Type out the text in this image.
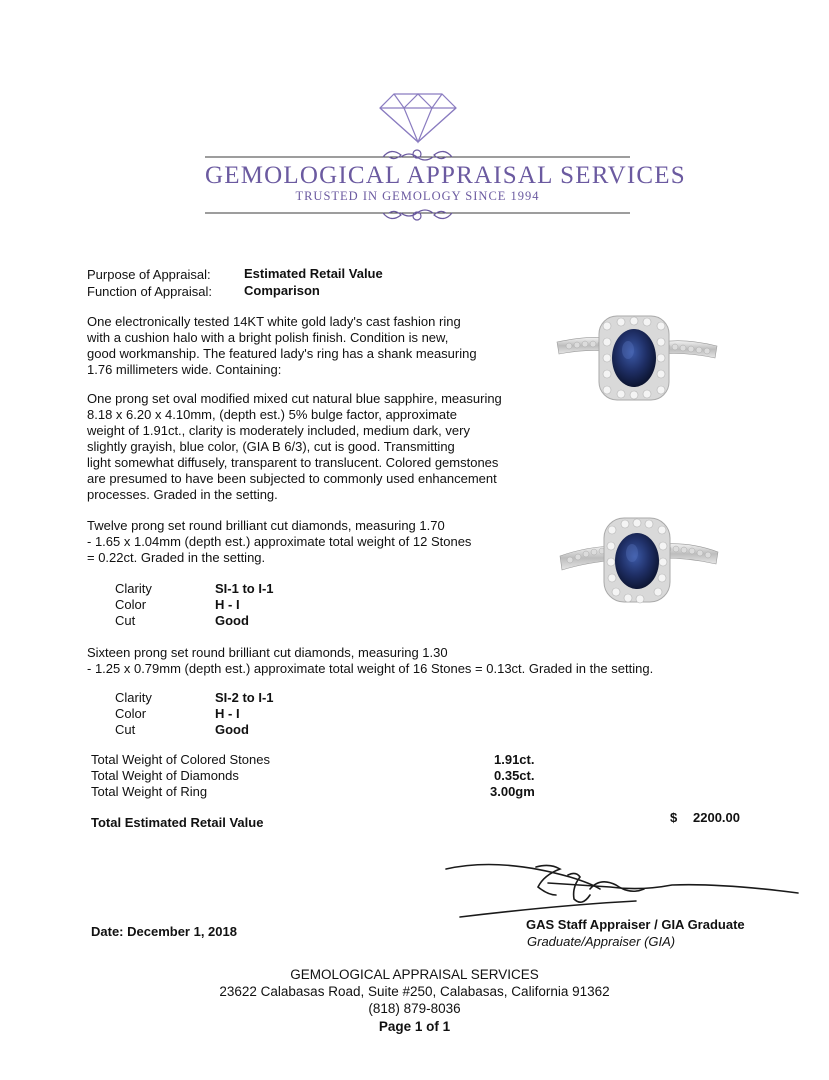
GEMOLOGICAL APPRAISAL SERVICES
TRUSTED IN GEMOLOGY SINCE 1994
Purpose of Appraisal:	Estimated Retail Value
Function of Appraisal: Comparison
One electronically tested 14KT white gold lady's cast fashion ring
with a cushion halo with a bright polish finish. Condition is new,
good workmanship. The featured lady's ring has a shank measuring
1.76 millimeters wide. Containing:
One prong set oval modified mixed cut natural blue sapphire, measuring
8.18 x 6.20 x 4.10mm, (depth est.) 5% bulge factor, approximate
weight of 1.91ct., clarity is moderately included, medium dark, very
slightly grayish, blue color, (GIA B 6/3), cut is good. Transmitting
light somewhat diffusely, transparent to translucent. Colored gemstones
are presumed to have been subjected to commonly used enhancement
processes. Graded in the setting.
Twelve prong set round brilliant cut diamonds, measuring 1.70
- 1.65 x 1.04mm (depth est.) approximate total weight of 12 Stones
= 0.22ct. Graded in the setting.
Clarity	SI-1 to I-1
Color	H - I
Cut	Good
Sixteen prong set round brilliant cut diamonds, measuring 1.30
- 1.25 x 0.79mm (depth est.) approximate total weight of 16 Stones = 0.13ct. Graded in the setting.
Clarity	SI-2 to I-1
Color	H - I
Cut	Good
Total Weight of Colored Stones	1.91ct.
Total Weight of Diamonds	0.35ct.
Total Weight of Ring	3.00gm
Total Estimated Retail Value	$ 2200.00
GAS Staff Appraiser / GIA Graduate
Graduate/Appraiser (GIA)
Date: December 1, 2018
GEMOLOGICAL APPRAISAL SERVICES
23622 Calabasas Road, Suite #250, Calabasas, California 91362
(818) 879-8036
Page 1 of 1
